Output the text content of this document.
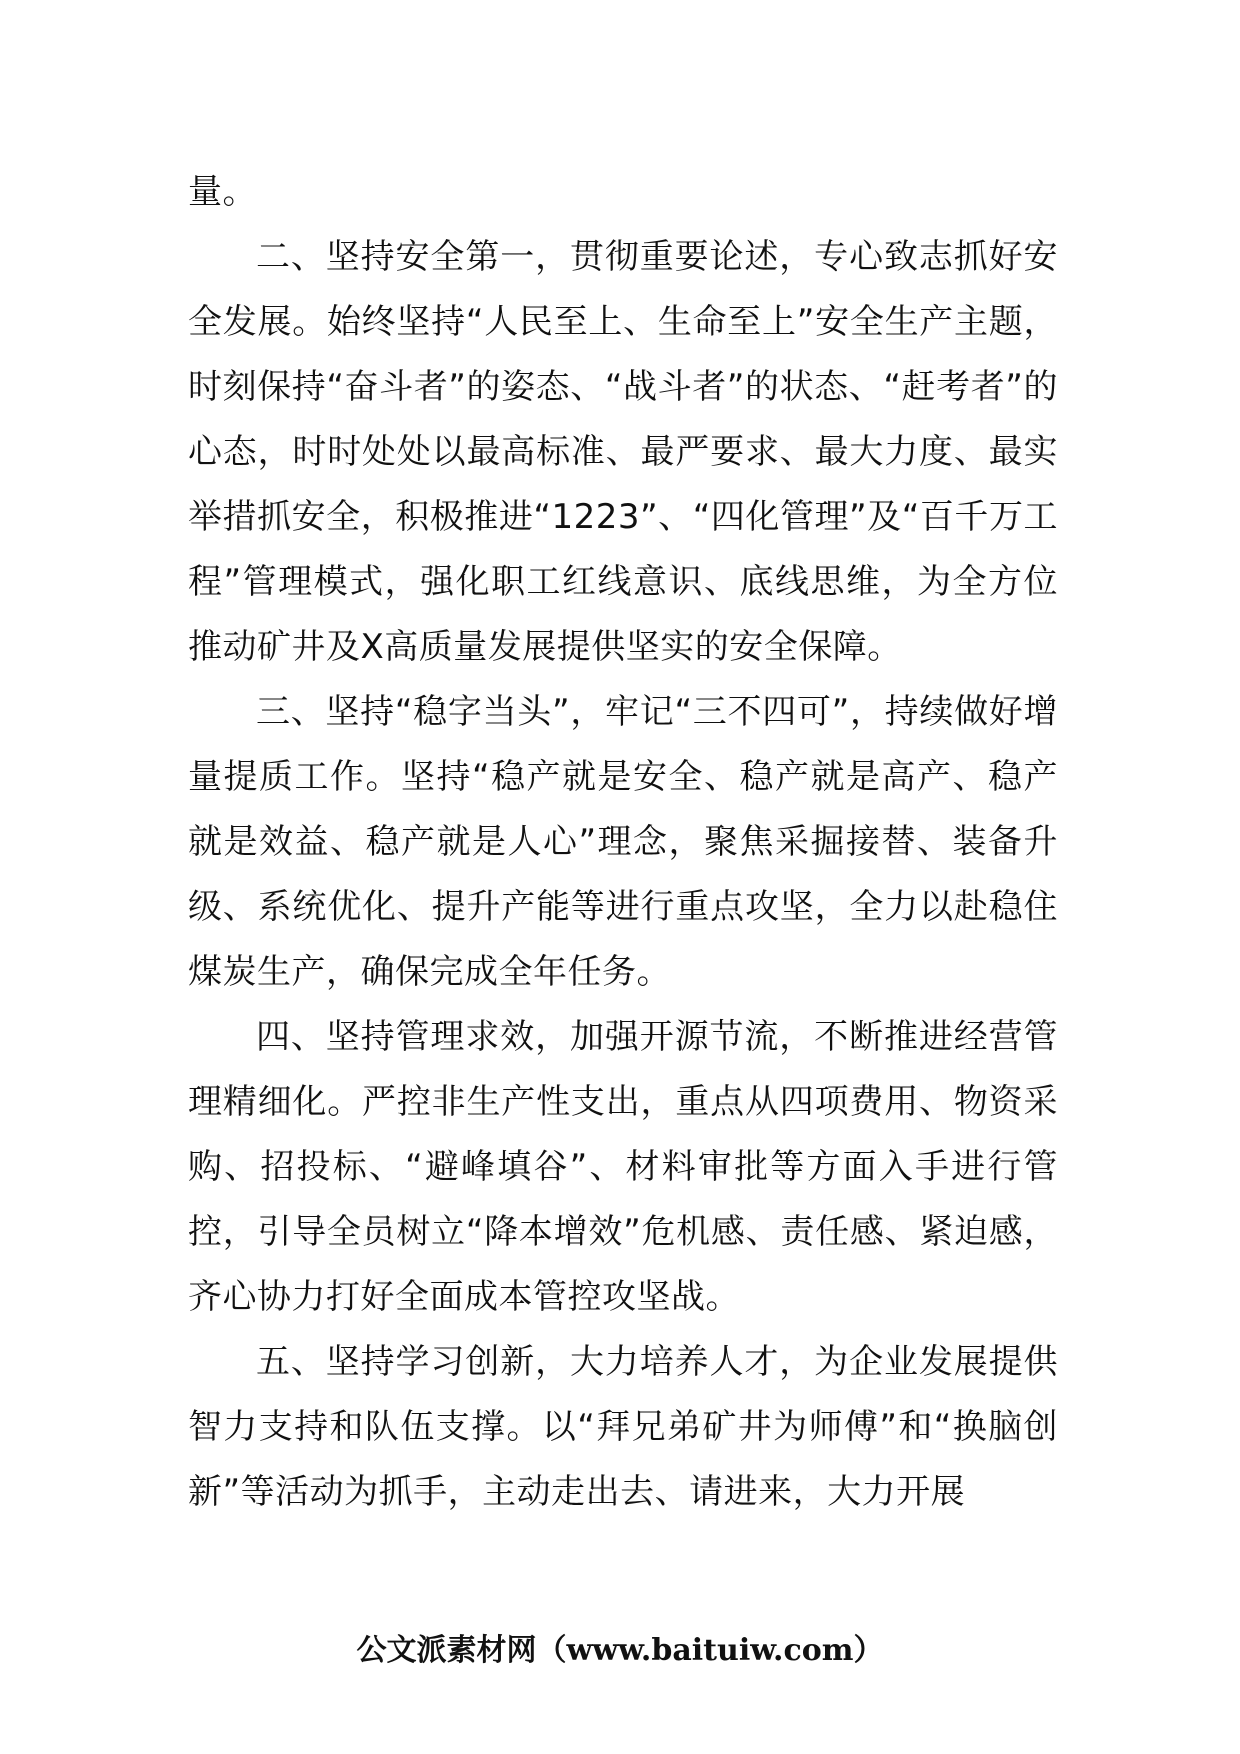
量。

二、坚持安全第一，贯彻重要论述，专心致志抓好安全发展。始终坚持“人民至上、生命至上”安全生产主题，时刻保持“奋斗者”的姿态、“战斗者”的状态、“赶考者”的心态，时时处处以最高标准、最严要求、最大力度、最实举措抓安全，积极推进“1223”、“四化管理”及“百千万工程”管理模式，强化职工红线意识、底线思维，为全方位推动矿井及X高质量发展提供坚实的安全保障。

三、坚持“稳字当头”，牢记“三不四可”，持续做好增量提质工作。坚持“稳产就是安全、稳产就是高产、稳产就是效益、稳产就是人心”理念，聚焦采掘接替、装备升级、系统优化、提升产能等进行重点攻坚，全力以赴稳住煤炭生产，确保完成全年任务。

四、坚持管理求效，加强开源节流，不断推进经营管理精细化。严控非生产性支出，重点从四项费用、物资采购、招投标、“避峰填谷”、材料审批等方面入手进行管控，引导全员树立“降本增效”危机感、责任感、紧迫感，齐心协力打好全面成本管控攻坚战。

五、坚持学习创新，大力培养人才，为企业发展提供智力支持和队伍支撑。以“拜兄弟矿井为师傅”和“换脑创新”等活动为抓手，主动走出去、请进来，大力开展

公文派素材网（www.baituiw.com）
